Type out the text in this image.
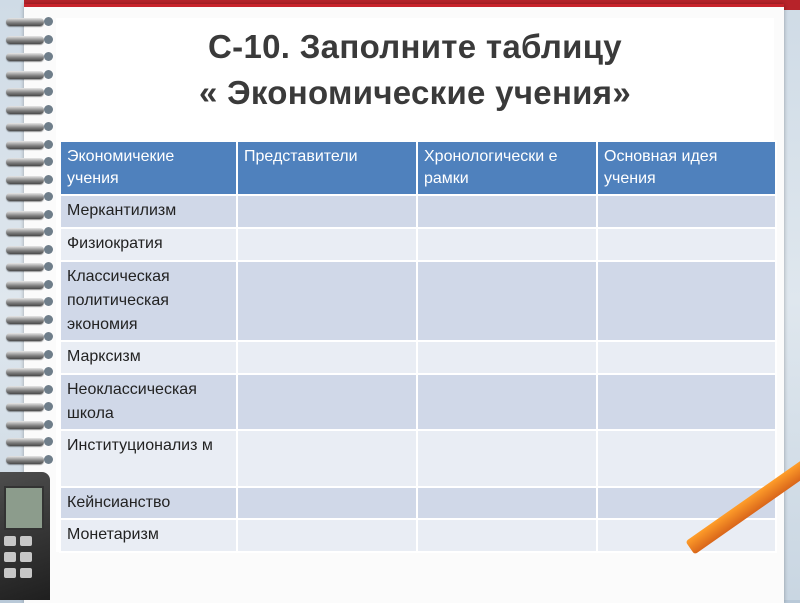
С-10. Заполните таблицу
« Экономические учения»
Экономичекие учения	Представители	Хронологически е рамки	Основная идея учения
Меркантилизм			
Физиократия			
Классическая политическая экономия			
Марксизм			
Неоклассическая школа			
Институционализ м			
Кейнсианство			
Монетаризм			
